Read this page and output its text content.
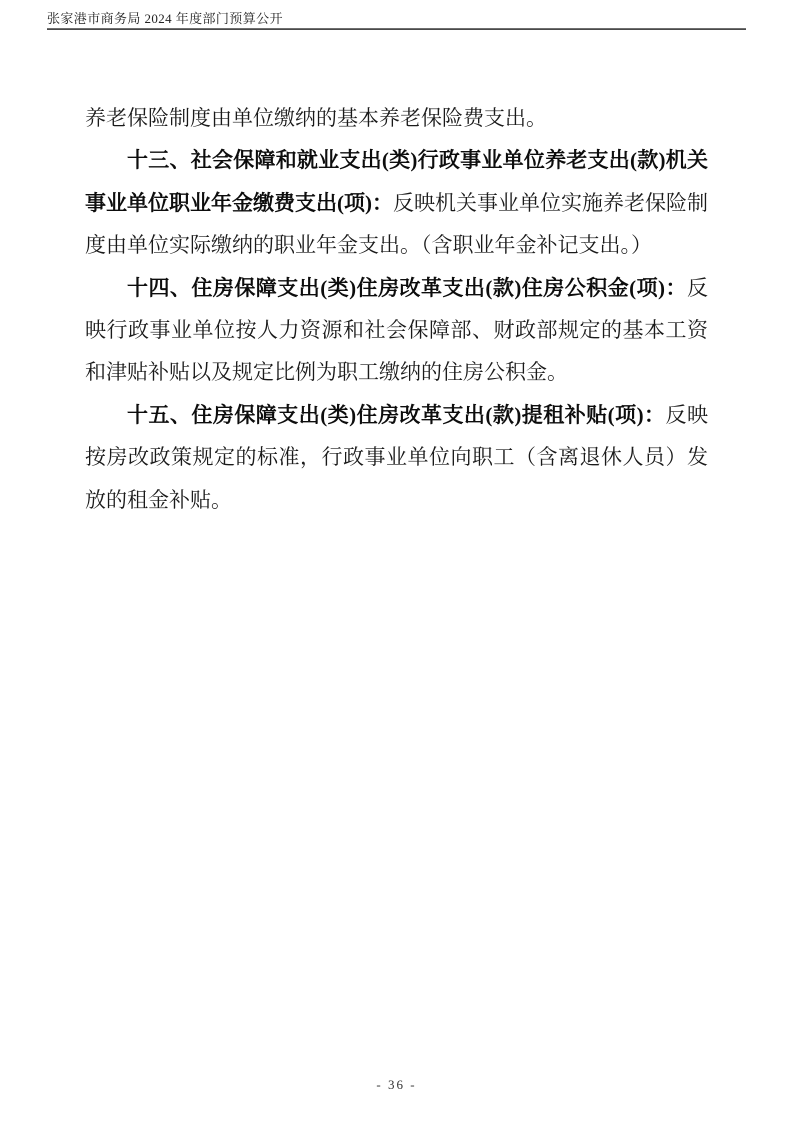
张家港市商务局 2024 年度部门预算公开

养老保险制度由单位缴纳的基本养老保险费支出。

十三、社会保障和就业支出(类)行政事业单位养老支出(款)机关事业单位职业年金缴费支出(项)：反映机关事业单位实施养老保险制度由单位实际缴纳的职业年金支出。（含职业年金补记支出。）

十四、住房保障支出(类)住房改革支出(款)住房公积金(项)：反映行政事业单位按人力资源和社会保障部、财政部规定的基本工资和津贴补贴以及规定比例为职工缴纳的住房公积金。

十五、住房保障支出(类)住房改革支出(款)提租补贴(项)：反映按房改政策规定的标准，行政事业单位向职工（含离退休人员）发放的租金补贴。

- 36 -
